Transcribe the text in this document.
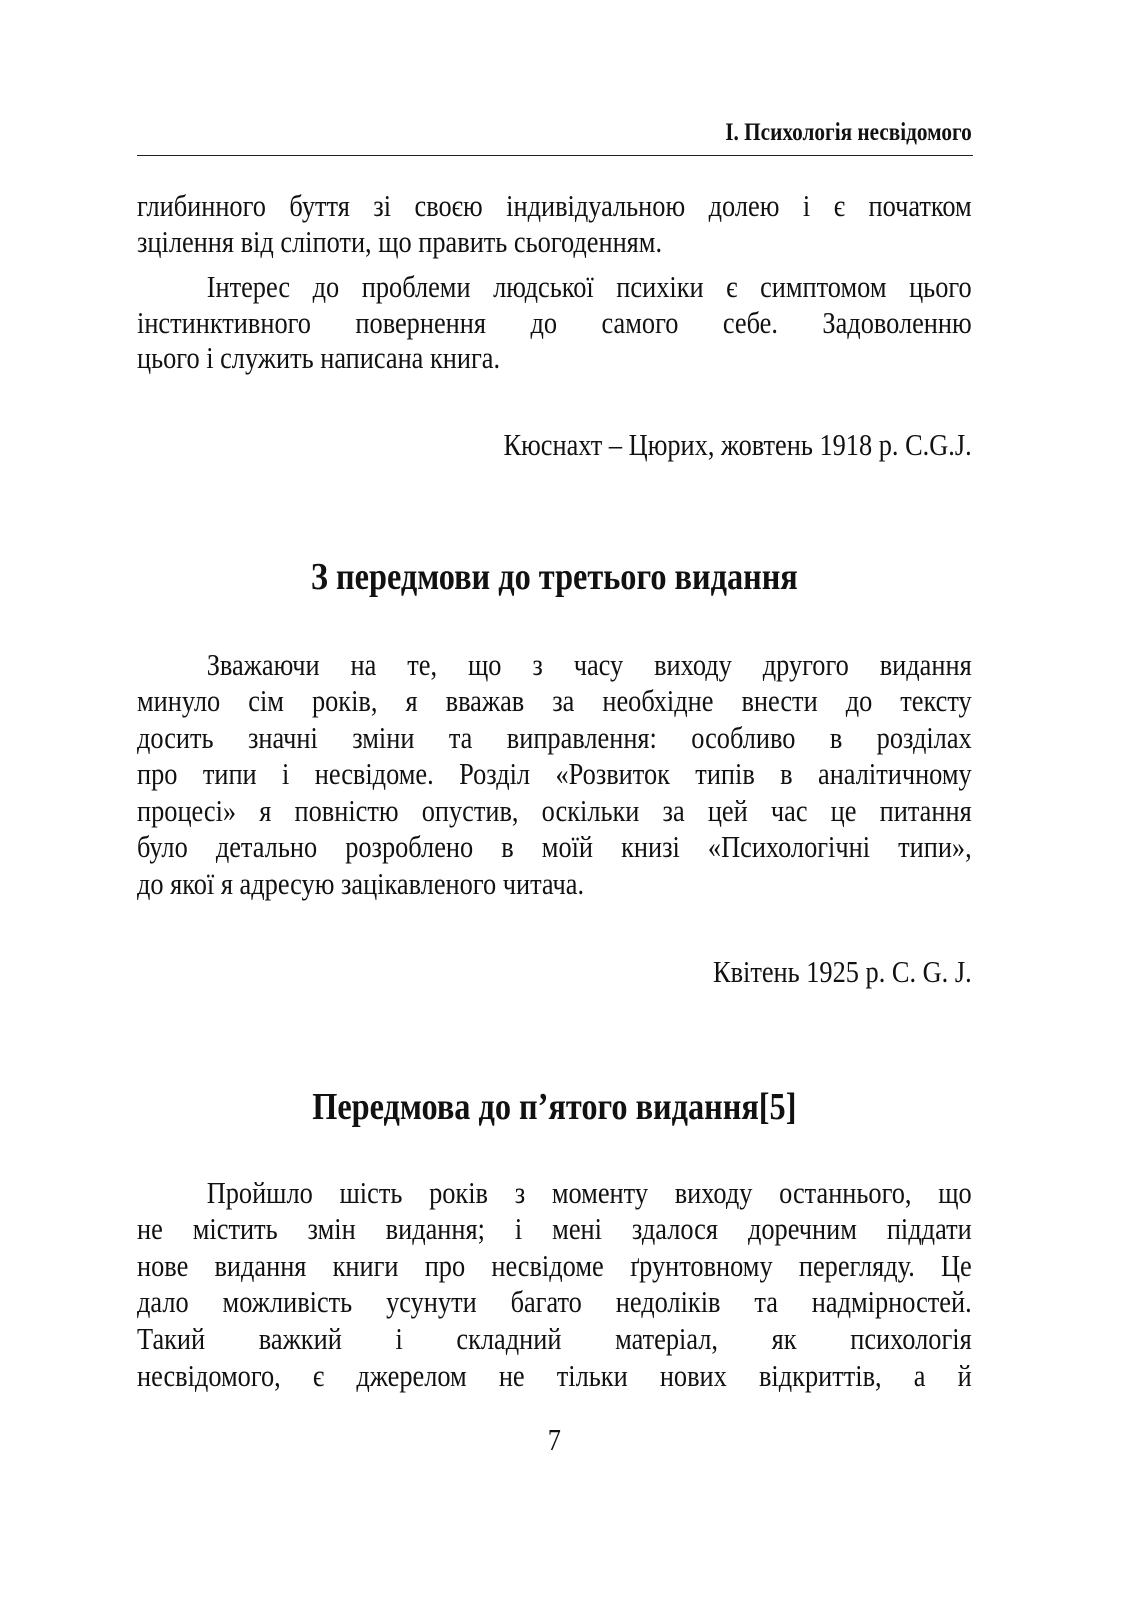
І. Психологія несвідомого
глибинного буття зі своєю індивідуальною долею і є початком
зцілення від сліпоти, що править сьогоденням.
Інтерес до проблеми людської психіки є симптомом цього
інстинктивного повернення до самого себе. Задоволенню
цього і служить написана книга.
Кюснахт – Цюрих, жовтень 1918 р. C.G.J.
З передмови до третього видання
Зважаючи на те, що з часу виходу другого видання
минуло сім років, я вважав за необхідне внести до тексту
досить значні зміни та виправлення: особливо в розділах
про типи і несвідоме. Розділ «Розвиток типів в аналітичному
процесі» я повністю опустив, оскільки за цей час це питання
було детально розроблено в моїй книзі «Психологічні типи»,
до якої я адресую зацікавленого читача.
Квітень 1925 р. C. G. J.
Передмова до п’ятого видання[5]
Пройшло шість років з моменту виходу останнього, що
не містить змін видання; і мені здалося доречним піддати
нове видання книги про несвідоме ґрунтовному перегляду. Це
дало можливість усунути багато недоліків та надмірностей.
Такий важкий і складний матеріал, як психологія
несвідомого, є джерелом не тільки нових відкриттів, а й
7
